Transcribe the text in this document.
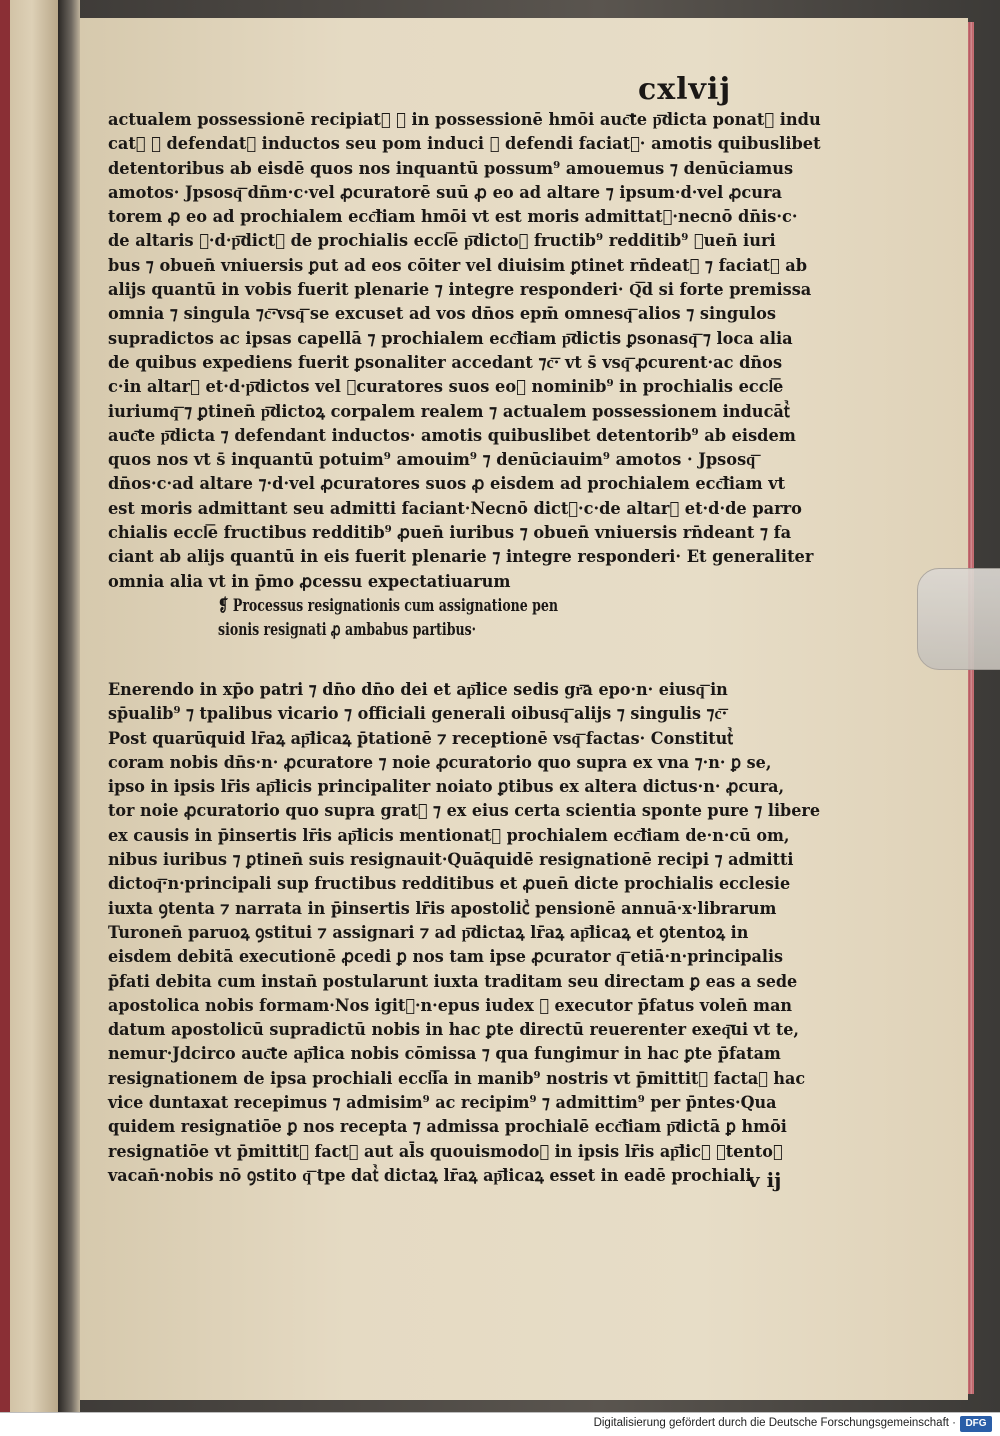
cxlvij
actualem possessionē recipiatᷣ ⁊ in possessionē hmōi auc͞te p͞dicta ponatᷣ indu
catᷣ ⁊ defendatᷣ inductos seu pom induci ⁊ defendi faciatᷣ· amotis quibuslibet
detentoribus ab eisdē quos nos inquantū possum⁹ amouemus ⁊ denūciamus
amotos· Jpsosq͞ dn̄m·c·vel ꝓcuratorē suū ꝓ eo ad altare ⁊ ipsum·d·vel ꝓcura
torem ꝓ eo ad prochialem ecc͞liam hmōi vt est moris admittatᷣ·necnō dn̄is·c·
de altaris ⁊·d·p͞dictᷣ de prochialis eccl͞e p͞dictoꝝ fructib⁹ redditib⁹ ꝓuen̄ iuri
bus ⁊ obuen̄ vniuersis ꝑut ad eos cōiter vel diuisim ꝑtinet rn̄deatᷣ ⁊ faciatᷣ ab
alijs quantū in vobis fuerit plenarie ⁊ integre responderi· Q͞d si forte premissa
omnia ⁊ singula ⁊c͞·vsq͞ se excuset ad vos dn̄os epm̄ omnesq͞ alios ⁊ singulos
supradictos ac ipsas capellā ⁊ prochialem ecc͞liam p͞dictis ꝑsonasq͞ ⁊ loca alia
de quibus expediens fuerit ꝑsonaliter accedant ⁊c͞· vt s̄ vsq͞ ꝓcurent·ac dn̄os
c·in altarᷣ et·d·p͞dictos vel ꝓcuratores suos eoꝝ nominib⁹ in prochialis eccl͞e
iuriumq͞ ⁊ ꝑtinen̄ p͞dictoꝝ corpalem realem ⁊ actualem possessionem inducātᷣ
auc͞te p͞dicta ⁊ defendant inductos· amotis quibuslibet detentorib⁹ ab eisdem
quos nos vt s̄ inquantū potuim⁹ amouim⁹ ⁊ denūciauim⁹ amotos · Jpsosq͞
dn̄os·c·ad altare ⁊·d·vel ꝓcuratores suos ꝓ eisdem ad prochialem ecc͞liam vt
est moris admittant seu admitti faciant·Necnō dictᷣ·c·de altarᷣ et·d·de parro
chialis eccl͞e fructibus redditib⁹ ꝓuen̄ iuribus ⁊ obuen̄ vniuersis rn̄deant ⁊ fa
ciant ab alijs quantū in eis fuerit plenarie ⁊ integre responderi· Et generaliter
omnia alia vt in p̄mo ꝓcessu expectatiuarum
❡ Processus resignationis cum assignatione pen
sionis resignati ꝓ ambabus partibus·
Enerendo in xp̄o patri ⁊ dn̄o dn̄o dei et ap͞lice sedis gr͞a epo·n· eiusq͞ in
sp̄ualib⁹ ⁊ tpalibus vicario ⁊ officiali generali oibusq͞ alijs ⁊ singulis ⁊c͞·
Post quarūquid lr̄aꝝ ap͞licaꝝ p̄tationē ⁊ receptionē vsq͞ factas· Constitutᷣ
coram nobis dn̄s·n· ꝓcuratore ⁊ noie ꝓcuratorio quo supra ex vna ⁊·n· ꝑ se,
ipso in ipsis lr̄is ap͞licis principaliter noiato ꝑtibus ex altera dictus·n· ꝓcura,
tor noie ꝓcuratorio quo supra gratᷣ ⁊ ex eius certa scientia sponte pure ⁊ libere
ex causis in p̄insertis lr̄is ap͞licis mentionatᷣ prochialem ecc͞liam de·n·cū om,
nibus iuribus ⁊ ꝑtinen̄ suis resignauit·Quāquidē resignationē recipi ⁊ admitti
dictoq͞·n·principali sup fructibus redditibus et ꝓuen̄ dicte prochialis ecclesie
iuxta ꝯtenta ⁊ narrata in p̄insertis lr̄is apostolicᷣ pensionē annuā·x·librarum
Turonen̄ paruoꝝ ꝯstitui ⁊ assignari ⁊ ad p͞dictaꝝ lr̄aꝝ ap͞licaꝝ et ꝯtentoꝝ in
eisdem debitā executionē ꝓcedi ꝑ nos tam ipse ꝓcurator q͞ etiā·n·principalis
p̄fati debita cum instan̄ postularunt iuxta traditam seu directam ꝑ eas a sede
apostolica nobis formam·Nos igitᷣ·n·epus iudex ⁊ executor p̄fatus volen̄ man
datum apostolicū supradictū nobis in hac ꝑte directū reuerenter exeq͞ui vt te,
nemur·Jdcirco auc͞te ap͞lica nobis cōmissa ⁊ qua fungimur in hac ꝑte p̄fatam
resignationem de ipsa prochiali eccl͞ia in manib⁹ nostris vt p̄mittitᷣ factaꝫ hac
vice duntaxat recepimus ⁊ admisim⁹ ac recipim⁹ ⁊ admittim⁹ per p̄ntes·Qua
quidem resignatiōe ꝑ nos recepta ⁊ admissa prochialē ecc͞liam p͞dictā ꝑ hmōi
resignatiōe vt p̄mittitᷣ factᷣ aut al̄s quouismodoꝝ in ipsis lr̄is ap͞licᷣ ꝯtentoꝝ
vacan̄·nobis nō ꝯstito q͞ tpe datᷣ dictaꝝ lr̄aꝝ ap͞licaꝝ esset in eadē prochiali
v ij
Digitalisierung gefördert durch die Deutsche Forschungsgemeinschaft · DFG
